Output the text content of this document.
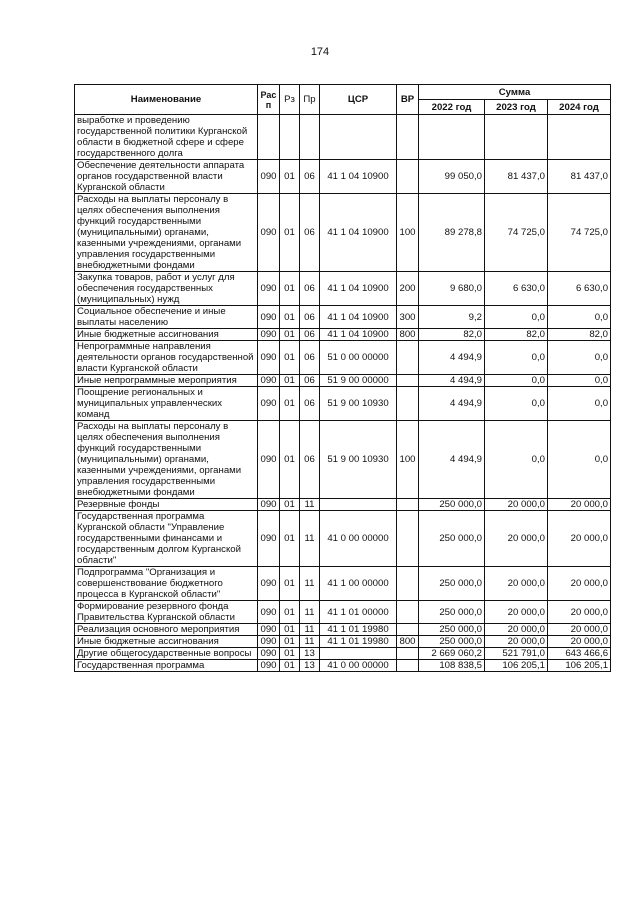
174
Наименование	Рас п	Рз	Пр	ЦСР	ВР	Сумма		
						2022 год	2023 год	2024 год
выработке и проведению государственной политики Курганской области в бюджетной сфере и сфере государственного долга								
Обеспечение деятельности аппарата органов государственной власти Курганской области	090	01	06	41 1 04 10900		99 050,0	81 437,0	81 437,0
Расходы на выплаты персоналу в целях обеспечения выполнения функций государственными (муниципальными) органами, казенными учреждениями, органами управления государственными внебюджетными фондами	090	01	06	41 1 04 10900	100	89 278,8	74 725,0	74 725,0
Закупка товаров, работ и услуг для обеспечения государственных (муниципальных) нужд	090	01	06	41 1 04 10900	200	9 680,0	6 630,0	6 630,0
Социальное обеспечение и иные выплаты населению	090	01	06	41 1 04 10900	300	9,2	0,0	0,0
Иные бюджетные ассигнования	090	01	06	41 1 04 10900	800	82,0	82,0	82,0
Непрограммные направления деятельности органов государственной власти Курганской области	090	01	06	51 0 00 00000		4 494,9	0,0	0,0
Иные непрограммные мероприятия	090	01	06	51 9 00 00000		4 494,9	0,0	0,0
Поощрение региональных и муниципальных управленческих команд	090	01	06	51 9 00 10930		4 494,9	0,0	0,0
Расходы на выплаты персоналу в целях обеспечения выполнения функций государственными (муниципальными) органами, казенными учреждениями, органами управления государственными внебюджетными фондами	090	01	06	51 9 00 10930	100	4 494,9	0,0	0,0
Резервные фонды	090	01	11			250 000,0	20 000,0	20 000,0
Государственная программа Курганской области "Управление государственными финансами и государственным долгом Курганской области"	090	01	11	41 0 00 00000		250 000,0	20 000,0	20 000,0
Подпрограмма "Организация и совершенствование бюджетного процесса в Курганской области"	090	01	11	41 1 00 00000		250 000,0	20 000,0	20 000,0
Формирование резервного фонда Правительства Курганской области	090	01	11	41 1 01 00000		250 000,0	20 000,0	20 000,0
Реализация основного мероприятия	090	01	11	41 1 01 19980		250 000,0	20 000,0	20 000,0
Иные бюджетные ассигнования	090	01	11	41 1 01 19980	800	250 000,0	20 000,0	20 000,0
Другие общегосударственные вопросы	090	01	13			2 669 060,2	521 791,0	643 466,6
Государственная программа	090	01	13	41 0 00 00000		108 838,5	106 205,1	106 205,1
